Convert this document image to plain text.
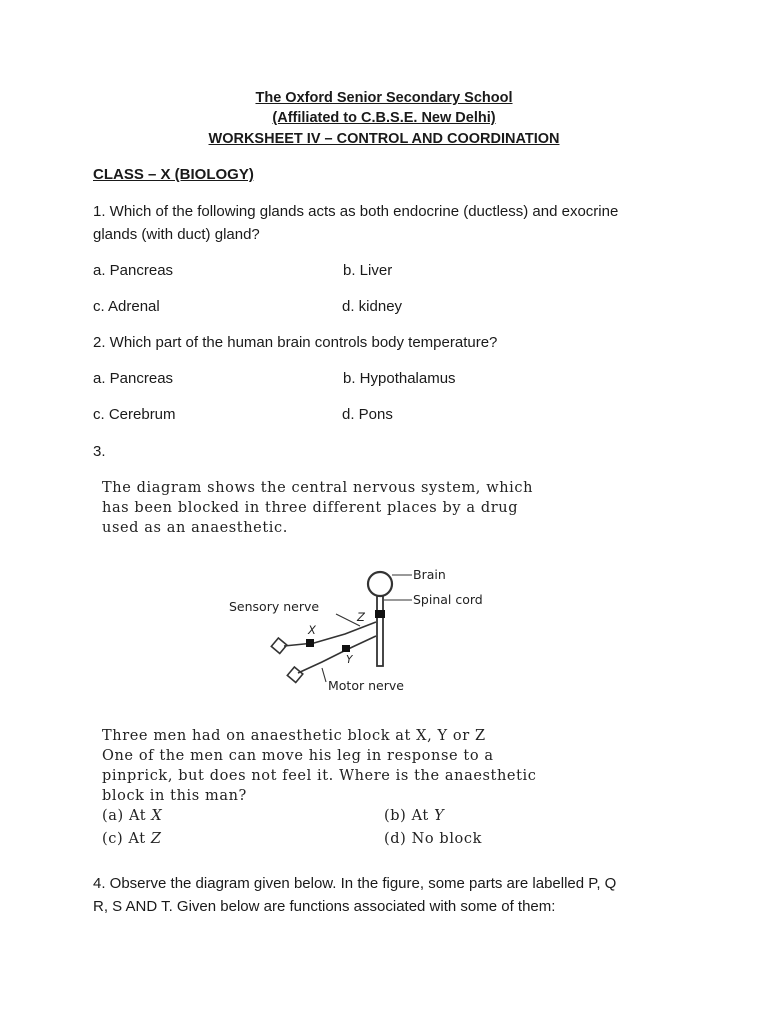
The Oxford Senior Secondary School
(Affiliated to C.B.S.E. New Delhi)
WORKSHEET IV – CONTROL AND COORDINATION
CLASS – X (BIOLOGY)
1. Which of the following glands acts as both endocrine (ductless) and exocrine
glands (with duct) gland?
a. Pancreas	b. Liver
c. Adrenal	d. kidney
2. Which part of the human brain controls body temperature?
a. Pancreas	b. Hypothalamus
c. Cerebrum	d. Pons
3.
The diagram shows the central nervous system, which
has been blocked in three different places by a drug
used as an anaesthetic.
Brain
Spinal cord
Sensory nerve
Motor nerve
X
Y
Z
Three men had on anaesthetic block at X, Y or Z
One of the men can move his leg in response to a
pinprick, but does not feel it. Where is the anaesthetic
block in this man?
(a) At X	(b) At Y
(c) At Z	(d) No block
4. Observe the diagram given below. In the figure, some parts are labelled P, Q
R, S AND T. Given below are functions associated with some of them:
